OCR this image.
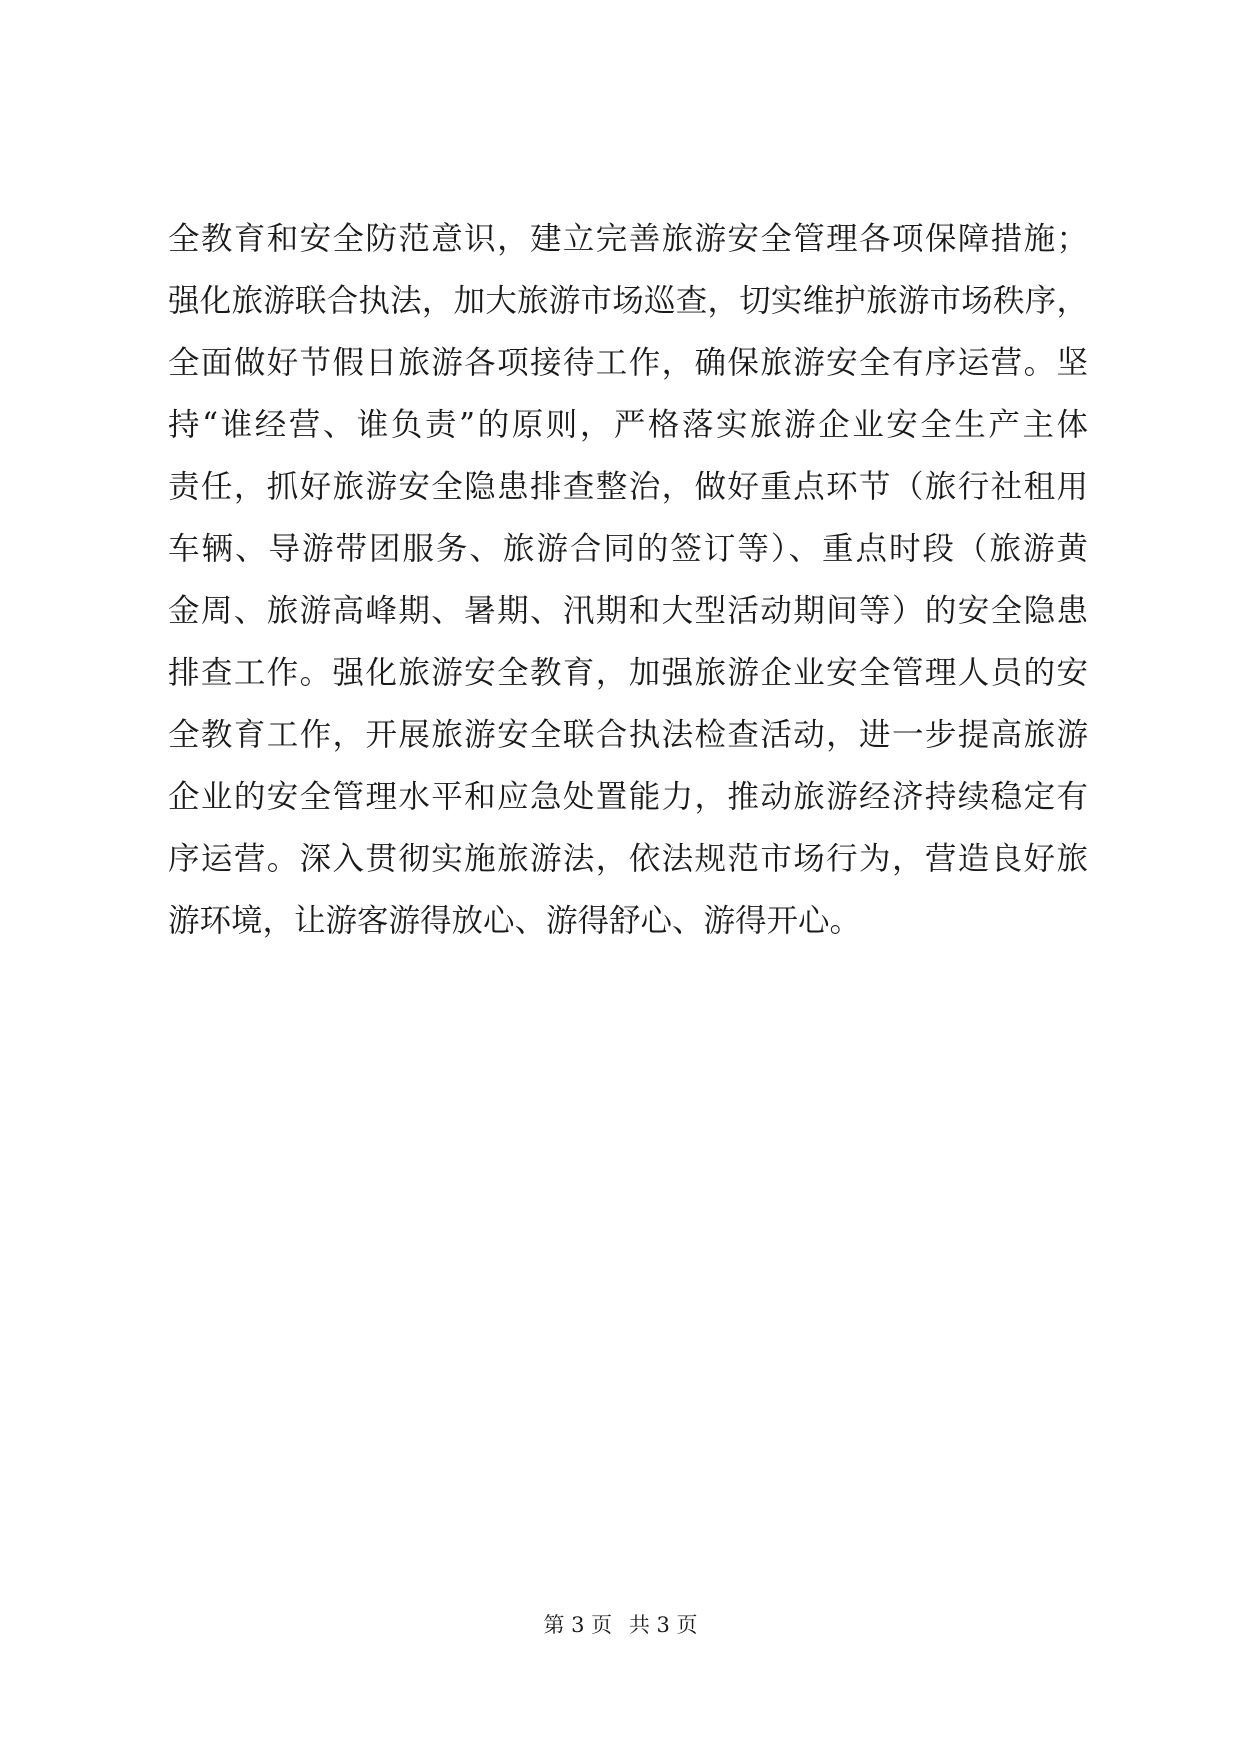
全教育和安全防范意识，建立完善旅游安全管理各项保障措施；
强化旅游联合执法，加大旅游市场巡查，切实维护旅游市场秩序，
全面做好节假日旅游各项接待工作，确保旅游安全有序运营。坚
持“谁经营、谁负责”的原则，严格落实旅游企业安全生产主体
责任，抓好旅游安全隐患排查整治，做好重点环节（旅行社租用
车辆、导游带团服务、旅游合同的签订等）、重点时段（旅游黄
金周、旅游高峰期、暑期、汛期和大型活动期间等）的安全隐患
排查工作。强化旅游安全教育，加强旅游企业安全管理人员的安
全教育工作，开展旅游安全联合执法检查活动，进一步提高旅游
企业的安全管理水平和应急处置能力，推动旅游经济持续稳定有
序运营。深入贯彻实施旅游法，依法规范市场行为，营造良好旅
游环境，让游客游得放心、游得舒心、游得开心。
第 3 页 共 3 页
